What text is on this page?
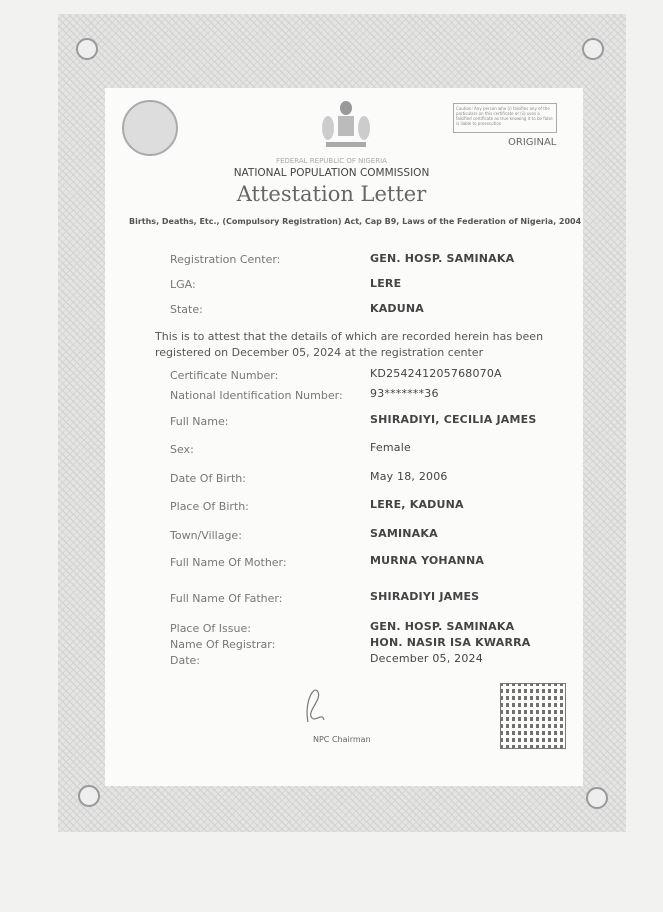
Caution: Any person who (i) falsifies any of the particulars on this certificate or (ii) uses a falsified certificate as true knowing it to be false is liable to prosecution
ORIGINAL
FEDERAL REPUBLIC OF NIGERIA
NATIONAL POPULATION COMMISSION
Attestation Letter
Births, Deaths, Etc., (Compulsory Registration) Act, Cap B9, Laws of the Federation of Nigeria, 2004
Registration Center:	GEN. HOSP. SAMINAKA
LGA:	LERE
State:	KADUNA
This is to attest that the details of which are recorded herein has been
registered on December 05, 2024 at the registration center
Certificate Number:	KD254241205768070A
National Identification Number: 93*******36
Full Name:	SHIRADIYI, CECILIA JAMES
Sex:	Female
Date Of Birth:	May 18, 2006
Place Of Birth:	LERE, KADUNA
Town/Village:	SAMINAKA
Full Name Of Mother:	MURNA YOHANNA
Full Name Of Father:	SHIRADIYI JAMES
Place Of Issue:	GEN. HOSP. SAMINAKA
Name Of Registrar:	HON. NASIR ISA KWARRA
Date:	December 05, 2024
NPC Chairman
